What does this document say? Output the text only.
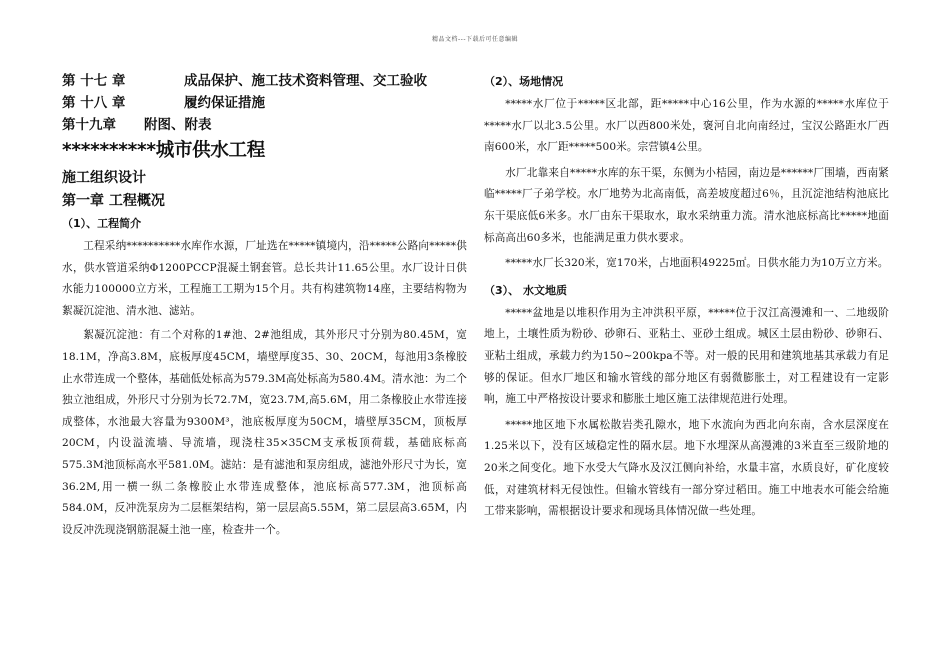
精品文档---下载后可任意编辑
第 十七 章	成品保护、施工技术资料管理、交工验收
第 十八 章	履约保证措施
第十九章	附图、附表
**********城市供水工程
施工组织设计
第一章 工程概况
（1）、工程简介

工程采纳**********水库作水源，厂址选在*****镇境内，沿*****公路向*****供水，供水管道采纳Φ1200PCCP混凝土钢套管。总长共计11.65公里。水厂设计日供水能力100000立方米，工程施工工期为15个月。共有构建筑物14座，主要结构物为絮凝沉淀池、清水池、滤站。

絮凝沉淀池：有二个对称的1#池、2#池组成，其外形尺寸分别为80.45M，宽18.1M，净高3.8M，底板厚度45CM，墙壁厚度35、30、20CM，每池用3条橡胶止水带连成一个整体，基础低处标高为579.3M高处标高为580.4M。清水池：为二个独立池组成，外形尺寸分别为长72.7M，宽23.7M,高5.6M，用二条橡胶止水带连接成整体，水池最大容量为9300M³，池底板厚度为50CM，墙壁厚35CM，顶板厚20CM，内设溢流墙、导流墙，现浇柱35×35CM支承板顶荷载，基础底标高575.3M池顶标高水平581.0M。滤站：是有滤池和泵房组成，滤池外形尺寸为长，宽36.2M,用一横一纵二条橡胶止水带连成整体，池底标高577.3M，池顶标高584.0M，反冲洗泵房为二层框架结构，第一层层高5.55M，第二层层高3.65M，内设反冲洗现浇钢筋混凝土池一座，检查井一个。

（2）、场地情况

*****水厂位于*****区北部，距*****中心16公里，作为水源的*****水库位于*****水厂以北3.5公里。水厂以西800米处，褒河自北向南经过，宝汉公路距水厂西南600米，水厂距*****500米。宗营镇4公里。

水厂北靠来自*****水库的东干渠，东侧为小桔园，南边是******厂围墙，西南紧临*****厂子弟学校。水厂地势为北高南低，高差坡度超过6％，且沉淀池结构池底比东干渠底低6米多。水厂由东干渠取水，取水采纳重力流。清水池底标高比*****地面标高高出60多米，也能满足重力供水要求。

*****水厂长320米，宽170米，占地面积49225㎡。日供水能力为10万立方米。

（3）、 水文地质

*****盆地是以堆积作用为主冲洪积平原，*****位于汉江高漫滩和一、二地级阶地上，土壤性质为粉砂、砂卵石、亚粘土、亚砂土组成。城区土层由粉砂、砂卵石、亚粘土组成，承载力约为150~200kpa不等。对一般的民用和建筑地基其承载力有足够的保证。但水厂地区和输水管线的部分地区有弱微膨胀土，对工程建设有一定影响，施工中严格按设计要求和膨胀土地区施工法律规范进行处理。

*****地区地下水属松散岩类孔隙水，地下水流向为西北向东南，含水层深度在1.25米以下，没有区域稳定性的隔水层。地下水埋深从高漫滩的3米直至三级阶地的20米之间变化。地下水受大气降水及汉江侧向补给，水量丰富，水质良好，矿化度较低，对建筑材料无侵蚀性。但输水管线有一部分穿过稻田。施工中地表水可能会给施工带来影响，需根据设计要求和现场具体情况做一些处理。
